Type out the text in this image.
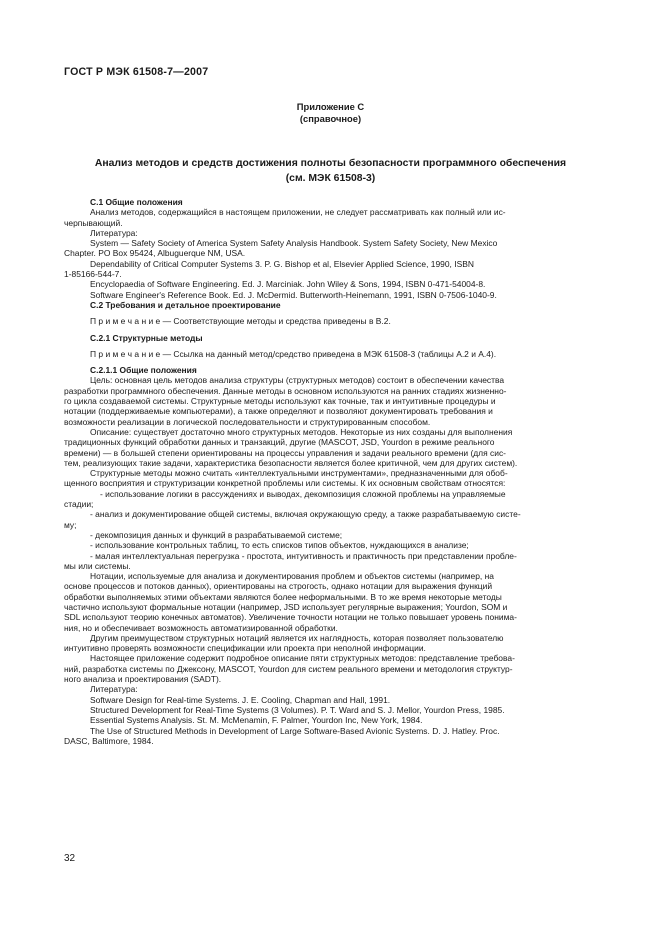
ГОСТ Р МЭК 61508-7—2007
Приложение С
(справочное)
Анализ методов и средств достижения полноты безопасности программного обеспечения
(см. МЭК 61508-3)
С.1 Общие положения
Анализ методов, содержащийся в настоящем приложении, не следует рассматривать как полный или ис-
черпывающий.
Литература:
System — Safety Society of America System Safety Analysis Handbook. System Safety Society, New Mexico
Chapter. PO Box 95424, Albuguerque NM, USA.
Dependability of Critical Computer Systems 3. P. G. Bishop et al, Elsevier Applied Science, 1990, ISBN
1-85166-544-7.
Encyclopaedia of Software Engineering. Ed. J. Marciniak. John Wiley & Sons, 1994, ISBN 0-471-54004-8.
Software Engineer's Reference Book. Ed. J. McDermid. Butterworth-Heinemann, 1991, ISBN 0-7506-1040-9.
С.2 Требования и детальное проектирование
П р и м е ч а н и е — Соответствующие методы и средства приведены в В.2.
С.2.1 Структурные методы
П р и м е ч а н и е — Ссылка на данный метод/средство приведена в МЭК 61508-3 (таблицы А.2 и А.4).
С.2.1.1 Общие положения
Цель: основная цель методов анализа структуры (структурных методов) состоит в обеспечении качества
разработки программного обеспечения. Данные методы в основном используются на ранних стадиях жизненно-
го цикла создаваемой системы. Структурные методы используют как точные, так и интуитивные процедуры и
нотации (поддерживаемые компьютерами), а также определяют и позволяют документировать требования и
возможности реализации в логической последовательности и структурированным способом.
Описание: существует достаточно много структурных методов. Некоторые из них созданы для выполнения
традиционных функций обработки данных и транзакций, другие (MASCOT, JSD, Yourdon в режиме реального
времени) — в большей степени ориентированы на процессы управления и задачи реального времени (для сис-
тем, реализующих такие задачи, характеристика безопасности является более критичной, чем для других систем).
Структурные методы можно считать «интеллектуальными инструментами», предназначенными для обоб-
щенного восприятия и структуризации конкретной проблемы или системы. К их основным свойствам относятся:
- использование логики в рассуждениях и выводах, декомпозиция сложной проблемы на управляемые
стадии;
- анализ и документирование общей системы, включая окружающую среду, а также разрабатываемую систе-
му;
- декомпозиция данных и функций в разрабатываемой системе;
- использование контрольных таблиц, то есть списков типов объектов, нуждающихся в анализе;
- малая интеллектуальная перегрузка - простота, интуитивность и практичность при представлении пробле-
мы или системы.
Нотации, используемые для анализа и документирования проблем и объектов системы (например, на
основе процессов и потоков данных), ориентированы на строгость, однако нотации для выражения функций
обработки выполняемых этими объектами являются более неформальными. В то же время некоторые методы
частично используют формальные нотации (например, JSD использует регулярные выражения; Yourdon, SOM и
SDL используют теорию конечных автоматов). Увеличение точности нотации не только повышает уровень понима-
ния, но и обеспечивает возможность автоматизированной обработки.
Другим преимуществом структурных нотаций является их наглядность, которая позволяет пользователю
интуитивно проверять возможности спецификации или проекта при неполной информации.
Настоящее приложение содержит подробное описание пяти структурных методов: представление требова-
ний, разработка системы по Джексону, MASCOT, Yourdon для систем реального времени и методология структур-
ного анализа и проектирования (SADT).
Литература:
Software Design for Real-time Systems. J. E. Cooling, Chapman and Hall, 1991.
Structured Development for Real-Time Systems (3 Volumes). P. T. Ward and S. J. Mellor, Yourdon Press, 1985.
Essential Systems Analysis. St. M. McMenamin, F. Palmer, Yourdon Inc, New York, 1984.
The Use of Structured Methods in Development of Large Software-Based Avionic Systems. D. J. Hatley. Proc.
DASC, Baltimore, 1984.
32
